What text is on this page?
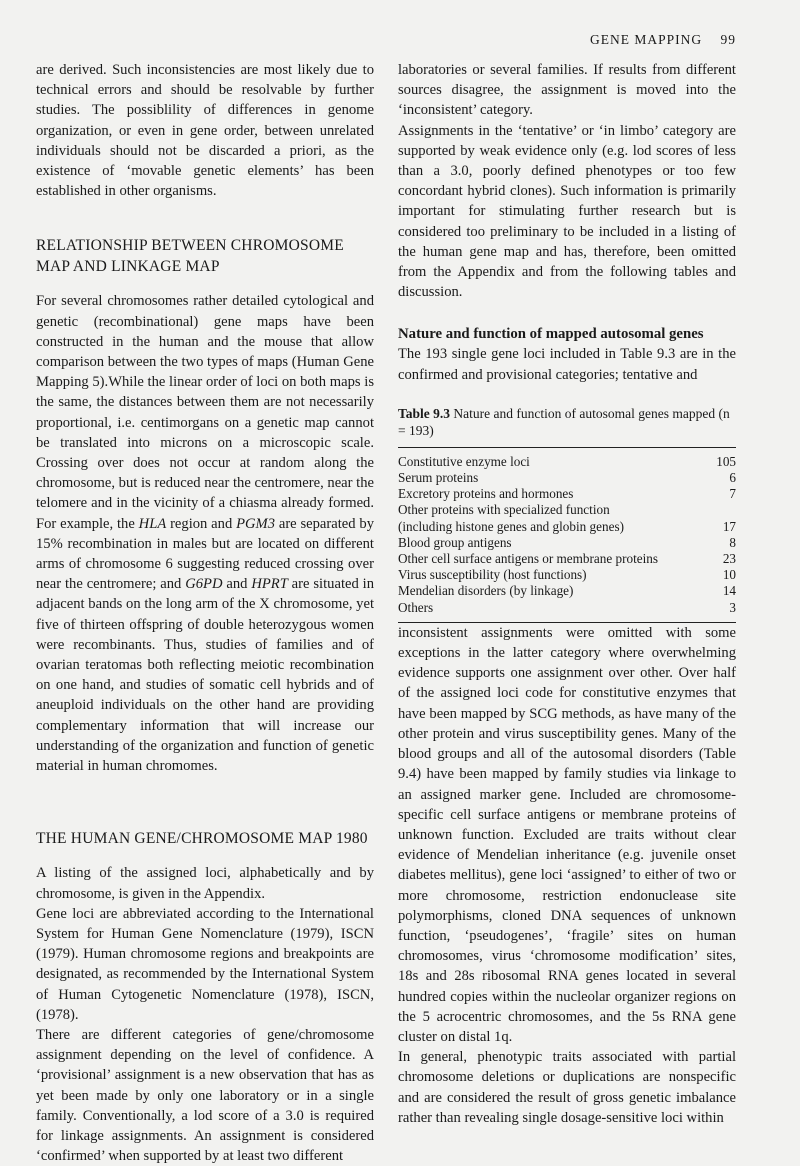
GENE MAPPING 99

are derived. Such inconsistencies are most likely due to technical errors and should be resolvable by further studies. The possiblility of differences in genome organization, or even in gene order, between unrelated individuals should not be discarded a priori, as the existence of ‘movable genetic elements’ has been established in other organisms.

RELATIONSHIP BETWEEN CHROMOSOME MAP AND LINKAGE MAP

For several chromosomes rather detailed cytological and genetic (recombinational) gene maps have been constructed in the human and the mouse that allow comparison between the two types of maps (Human Gene Mapping 5).While the linear order of loci on both maps is the same, the distances between them are not necessarily proportional, i.e. centimorgans on a genetic map cannot be translated into microns on a microscopic scale. Crossing over does not occur at random along the chromosome, but is reduced near the centromere, near the telomere and in the vicinity of a chiasma already formed. For example, the HLA region and PGM3 are separated by 15% recombination in males but are located on different arms of chromosome 6 suggesting reduced crossing over near the centromere; and G6PD and HPRT are situated in adjacent bands on the long arm of the X chromosome, yet five of thirteen offspring of double heterozygous women were recombinants. Thus, studies of families and of ovarian teratomas both reflecting meiotic recombination on one hand, and studies of somatic cell hybrids and of aneuploid individuals on the other hand are providing complementary information that will increase our understanding of the organization and function of genetic material in human chromomes.

THE HUMAN GENE/CHROMOSOME MAP 1980

A listing of the assigned loci, alphabetically and by chromosome, is given in the Appendix.

Gene loci are abbreviated according to the International System for Human Gene Nomenclature (1979), ISCN (1979). Human chromosome regions and breakpoints are designated, as recommended by the International System of Human Cytogenetic Nomenclature (1978), ISCN, (1978).

There are different categories of gene/chromosome assignment depending on the level of confidence. A ‘provisional’ assignment is a new observation that has as yet been made by only one laboratory or in a single family. Conventionally, a lod score of a 3.0 is required for linkage assignments. An assignment is considered ‘confirmed’ when supported by at least two different

laboratories or several families. If results from different sources disagree, the assignment is moved into the ‘inconsistent’ category.

Assignments in the ‘tentative’ or ‘in limbo’ category are supported by weak evidence only (e.g. lod scores of less than a 3.0, poorly defined phenotypes or too few concordant hybrid clones). Such information is primarily important for stimulating further research but is considered too preliminary to be included in a listing of the human gene map and has, therefore, been omitted from the Appendix and from the following tables and discussion.

Nature and function of mapped autosomal genes

The 193 single gene loci included in Table 9.3 are in the confirmed and provisional categories; tentative and

Table 9.3 Nature and function of autosomal genes mapped (n = 193)
Constitutive enzyme loci	105
Serum proteins	6
Excretory proteins and hormones	7
Other proteins with specialized function	
(including histone genes and globin genes)	17
Blood group antigens	8
Other cell surface antigens or membrane proteins	23
Virus susceptibility (host functions)	10
Mendelian disorders (by linkage)	14
Others	3

inconsistent assignments were omitted with some exceptions in the latter category where overwhelming evidence supports one assignment over other. Over half of the assigned loci code for constitutive enzymes that have been mapped by SCG methods, as have many of the other protein and virus susceptibility genes. Many of the blood groups and all of the autosomal disorders (Table 9.4) have been mapped by family studies via linkage to an assigned marker gene. Included are chromosome-specific cell surface antigens or membrane proteins of unknown function. Excluded are traits without clear evidence of Mendelian inheritance (e.g. juvenile onset diabetes mellitus), gene loci ‘assigned’ to either of two or more chromosome, restriction endonuclease site polymorphisms, cloned DNA sequences of unknown function, ‘pseudogenes’, ‘fragile’ sites on human chromosomes, virus ‘chromosome modification’ sites, 18s and 28s ribosomal RNA genes located in several hundred copies within the nucleolar organizer regions on the 5 acrocentric chromosomes, and the 5s RNA gene cluster on distal 1q.

In general, phenotypic traits associated with partial chromosome deletions or duplications are nonspecific and are considered the result of gross genetic imbalance rather than revealing single dosage-sensitive loci within
